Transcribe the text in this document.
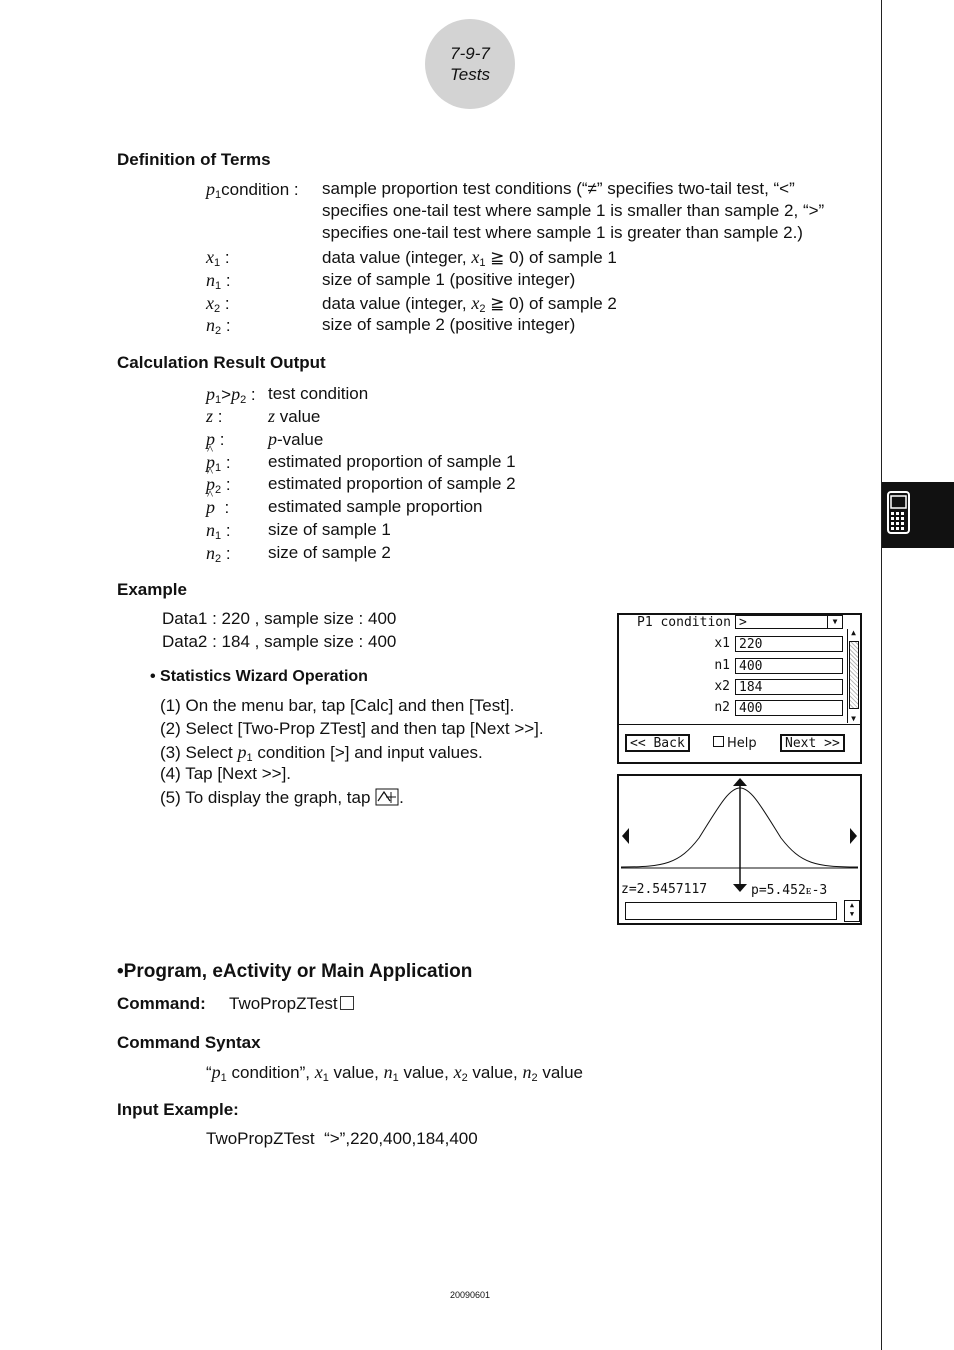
7-9-7
Tests
Definition of Terms
$p_1condition$ : sample proportion test conditions (“≠” specifies two-tail test, “<”
specifies one-tail test where sample 1 is smaller than sample 2, “>”
specifies one-tail test where sample 1 is greater than sample 2.)
$x_1$ :	data value (integer, $x_1$ ≧ 0) of sample 1
$n_1$ :	size of sample 1 (positive integer)
$x_2$ :	data value (integer, $x_2$ ≧ 0) of sample 2
$n_2$ :	size of sample 2 (positive integer)
Calculation Result Output
$p_1>p_2$ : test condition
z :	z value
p : p-value
^ $p_1$ : estimated proportion of sample 1
^ $p_2$ : estimated proportion of sample 2
^ p  : estimated sample proportion
$n_1$ : size of sample 1
$n_2$ : size of sample 2
Example
Data1 : 220 , sample size : 400
Data2 : 184 , sample size : 400
• Statistics Wizard Operation
(1) On the menu bar, tap [Calc] and then [Test].
(2) Select [Two-Prop ZTest] and then tap [Next >>].
(3) Select $p_1$ condition [>] and input values.
(4) Tap [Next >>].
(5) To display the graph, tap .
P1 condition >	▼
x1 220
n1 400
x2 184
n2 400
▲
▼
<< Back	Help	Next >>
z=2.5457117	p=5.452ᴇ-3
▲
▼
•Program, eActivity or Main Application
Command: TwoPropZTest
Command Syntax
“$p_1$ condition”, $x_1$ value, $n_1$ value, $x_2$ value, $n_2$ value
Input Example:
TwoPropZTest  “>”,220,400,184,400
20090601
